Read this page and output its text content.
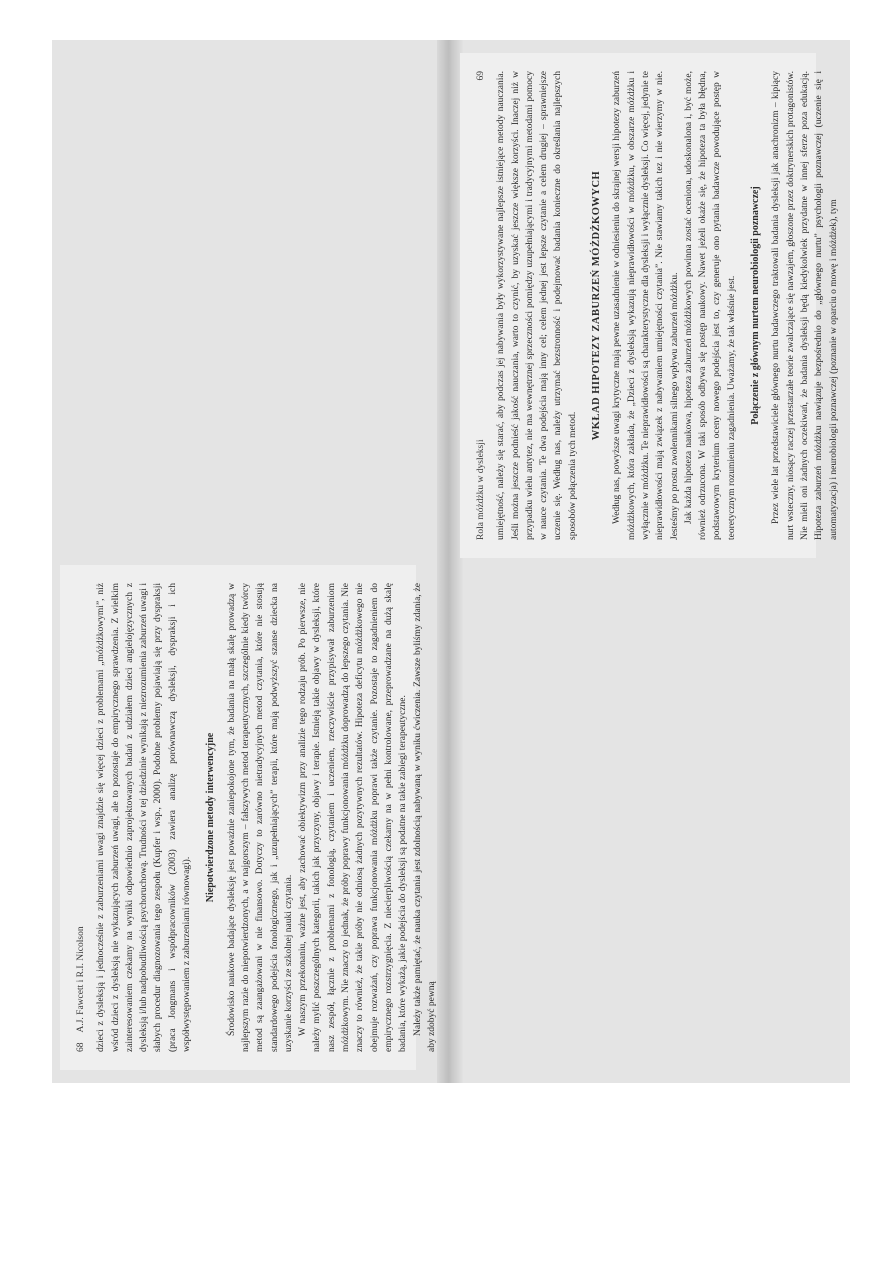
Rola móżdżku w dysleksji
69 umiejętność, należy się starać, aby podczas jej nabywania były wykorzystywane najlepsze istniejące metody nauczania. Jeśli można jeszcze podnieść jakość nauczania, warto to czynić, by uzyskać jeszcze większe korzyści. Inaczej niż w przypadku wielu antytez, nie ma wewnętrznej sprzeczności pomiędzy uzupełniającymi i tradycyjnymi metodami pomocy w nauce czytania. Te dwa podejścia mają inny cel; celem jednej jest lepsze czytanie a celem drugiej – sprawniejsze uczenie się. Według nas, należy utrzymać bezstronność i podejmować badania konieczne do określania najlepszych sposobów połączenia tych metod.

WKŁAD HIPOTEZY ZABURZEŃ MÓŻDŻKOWYCH Według nas, powyższe uwagi krytyczne mają pewne uzasadnienie w odniesieniu do skrajnej wersji hipotezy zaburzeń móżdżkowych, która zakłada, że „Dzieci z dysleksją wykazują nieprawidłowości w móżdżku, w obszarze móżdżku i wyłącznie w móżdżku. Te nieprawidłowości są charakterystyczne dla dysleksji i wyłącznie dysleksji. Co więcej, jedynie te nieprawidłowości mają związek z nabywaniem umiejętności czytania”. Nie stawiamy takich tez i nie wierzymy w nie. Jesteśmy po prostu zwolennikami silnego wpływu zaburzeń móżdżku. Jak każda hipoteza naukowa, hipoteza zaburzeń móżdżkowych powinna zostać oceniona, udoskonalona i, być może, również odrzucona. W taki sposób odbywa się postęp naukowy. Nawet jeżeli okaże się, że hipoteza ta była błędna, podstawowym kryterium oceny nowego podejścia jest to, czy generuje ono pytania badawcze powodujące postęp w teoretycznym rozumieniu zagadnienia. Uważamy, że tak właśnie jest. Połączenie z głównym nurtem neurobiologii poznawczej Przez wiele lat przedstawiciele głównego nurtu badawczego traktowali badania dysleksji jak anachronizm – kipiący nurt wsteczny, niosący raczej przestarzałe teorie zwalczające się nawzajem, głoszone przez doktrynerskich protagonistów. Nie mieli oni żadnych oczekiwań, że badania dysleksji będą kiedykolwiek przydatne w innej sferze poza edukacją. Hipoteza zaburzeń móżdżku nawiązuje bezpośrednio do „głównego nurtu” psychologii poznawczej (uczenie się i automatyzacja) i neurobiologii poznawczej (poznanie w oparciu o mowę i móżdżek), tym

68
A.J. Fawcett i R.I. Nicolson dzieci z dysleksją i jednocześnie z zaburzeniami uwagi znajdzie się więcej dzieci z problemami „móżdżkowymi”, niż wśród dzieci z dysleksją nie wykazujących zaburzeń uwagi, ale to pozostaje do empirycznego sprawdzenia. Z wielkim zainteresowaniem czekamy na wyniki odpowiednio zaprojektowanych badań z udziałem dzieci angielojęzycznych z dysleksją i/lub nadpobudliwością psychoruchową. Trudności w tej dziedzinie wynikają z niezrozumienia zaburzeń uwagi i słabych procedur diagnozowania tego zespołu (Kupfer i wsp., 2000). Podobne problemy pojawiają się przy dyspraksji (praca Jongmans i współpracowników (2003) zawiera analizę porównawczą dysleksji, dyspraksji i ich współwystępowaniem z zaburzeniami równowagi).

Niepotwierdzone metody interwencyjne Środowisko naukowe badające dysleksję jest poważnie zaniepokojone tym, że badania na małą skalę prowadzą w najlepszym razie do niepotwierdzonych, a w najgorszym – fałszywych metod terapeutycznych, szczególnie kiedy twórcy metod są zaangażowani w nie finansowo. Dotyczy to zarówno nietradycyjnych metod czytania, które nie stosują standardowego podejścia fonologicznego, jak i „uzupełniających” terapii, które mają podwyższyć szanse dziecka na uzyskanie korzyści ze szkolnej nauki czytania. W naszym przekonaniu, ważne jest, aby zachować obiektywizm przy analizie tego rodzaju prób. Po pierwsze, nie należy mylić poszczególnych kategorii, takich jak przyczyny, objawy i terapie. Istnieją takie objawy w dysleksji, które nasz zespół, łącznie z problemami z fonologią, czytaniem i uczeniem, rzeczywiście przypisywał zaburzeniom móżdżkowym. Nie znaczy to jednak, że próby poprawy funkcjonowania móżdżku doprowadzą do lepszego czytania. Nie znaczy to również, że takie próby nie odniosą żadnych pozytywnych rezultatów. Hipoteza deficytu móżdżkowego nie obejmuje rozważań, czy poprawa funkcjonowania móżdżku poprawi także czytanie. Pozostaje to zagadnieniem do empirycznego rozstrzygnięcia. Z niecierpliwością czekamy na w pełni kontrolowane, przeprowadzane na dużą skalę badania, które wykażą, jakie podejścia do dysleksji są podatne na takie zabiegi terapeutyczne. Należy także pamiętać, że nauka czytania jest zdolnością nabywaną w wyniku ćwiczenia. Zawsze byliśmy zdania, że aby zdobyć pewną
